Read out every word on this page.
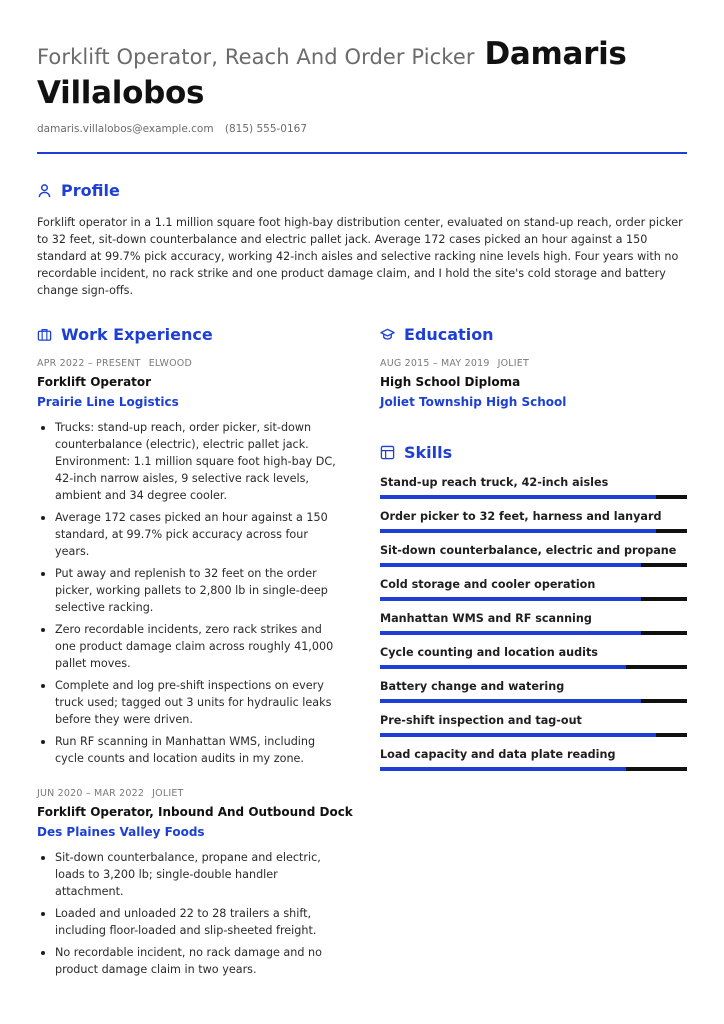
Forklift Operator, Reach And Order Picker Damaris Villalobos

damaris.villalobos@example.com (815) 555-0167
Profile

Forklift operator in a 1.1 million square foot high-bay distribution center, evaluated on stand-up reach, order picker to 32 feet, sit-down counterbalance and electric pallet jack. Average 172 cases picked an hour against a 150 standard at 99.7% pick accuracy, working 42-inch aisles and selective racking nine levels high. Four years with no recordable incident, no rack strike and one product damage claim, and I hold the site's cold storage and battery change sign-offs.

Work Experience
APR 2022 – PRESENT ELWOOD
Forklift Operator
Prairie Line Logistics
Trucks: stand-up reach, order picker, sit-down counterbalance (electric), electric pallet jack. Environment: 1.1 million square foot high-bay DC, 42-inch narrow aisles, 9 selective rack levels, ambient and 34 degree cooler.
Average 172 cases picked an hour against a 150 standard, at 99.7% pick accuracy across four years.
Put away and replenish to 32 feet on the order picker, working pallets to 2,800 lb in single-deep selective racking.
Zero recordable incidents, zero rack strikes and one product damage claim across roughly 41,000 pallet moves.
Complete and log pre-shift inspections on every truck used; tagged out 3 units for hydraulic leaks before they were driven.
Run RF scanning in Manhattan WMS, including cycle counts and location audits in my zone.
JUN 2020 – MAR 2022 JOLIET
Forklift Operator, Inbound And Outbound Dock
Des Plaines Valley Foods
Sit-down counterbalance, propane and electric, loads to 3,200 lb; single-double handler attachment.
Loaded and unloaded 22 to 28 trailers a shift, including floor-loaded and slip-sheeted freight.
No recordable incident, no rack damage and no product damage claim in two years.
Education
AUG 2015 – MAY 2019 JOLIET
High School Diploma
Joliet Township High School
Skills
Stand-up reach truck, 42-inch aisles
Order picker to 32 feet, harness and lanyard
Sit-down counterbalance, electric and propane
Cold storage and cooler operation
Manhattan WMS and RF scanning
Cycle counting and location audits
Battery change and watering
Pre-shift inspection and tag-out
Load capacity and data plate reading
